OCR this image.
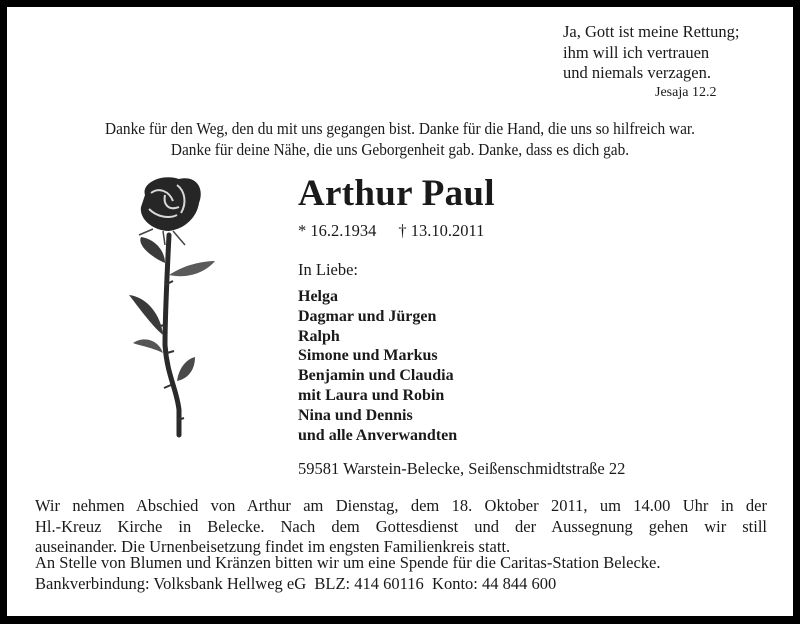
Ja, Gott ist meine Rettung;
ihm will ich vertrauen
und niemals verzagen.
Jesaja 12.2
Danke für den Weg, den du mit uns gegangen bist. Danke für die Hand, die uns so hilfreich war.
Danke für deine Nähe, die uns Geborgenheit gab. Danke, dass es dich gab.
Arthur Paul
* 16.2.1934 † 13.10.2011
In Liebe:
Helga
Dagmar und Jürgen
Ralph
Simone und Markus
Benjamin und Claudia
mit Laura und Robin
Nina und Dennis
und alle Anverwandten
59581 Warstein-Belecke, Seißenschmidtstraße 22
Wir nehmen Abschied von Arthur am Dienstag, dem 18. Oktober 2011, um 14.00 Uhr in der
Hl.-Kreuz Kirche in Belecke. Nach dem Gottesdienst und der Aussegnung gehen wir still
auseinander. Die Urnenbeisetzung findet im engsten Familienkreis statt.
An Stelle von Blumen und Kränzen bitten wir um eine Spende für die Caritas-Station Belecke.
Bankverbindung: Volksbank Hellweg eG  BLZ: 414 60116  Konto: 44 844 600
